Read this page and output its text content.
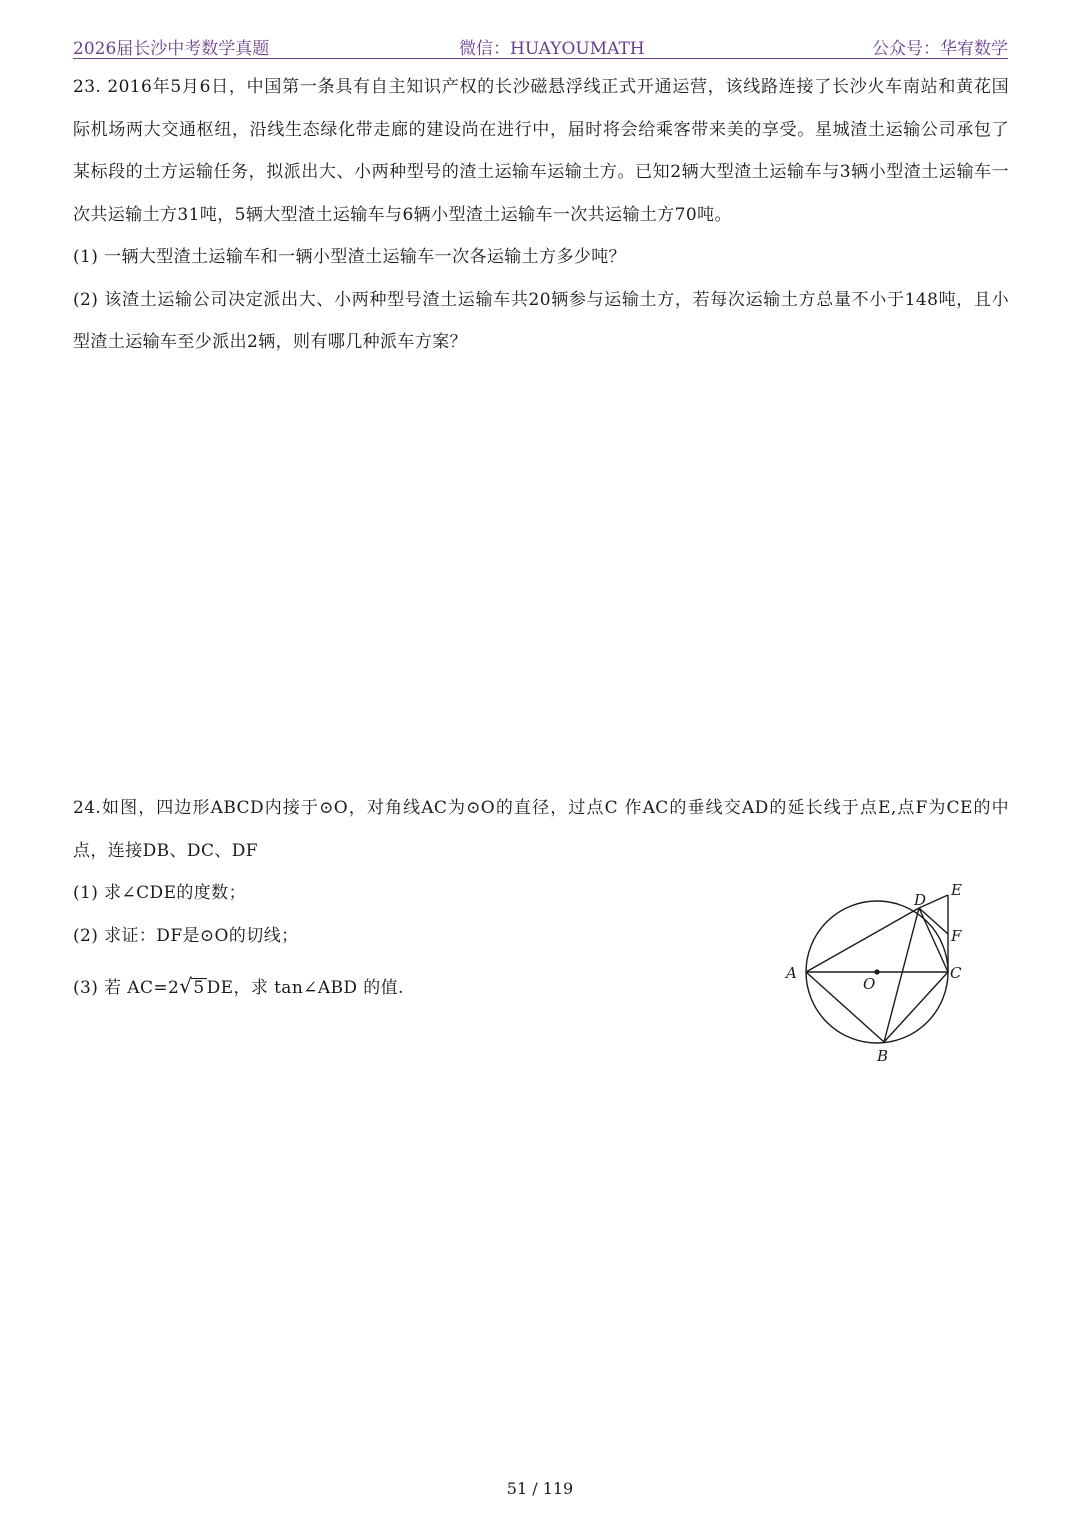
2026届长沙中考数学真题	微信：HUAYOUMATH	公众号：华宥数学

23. 2016年5月6日，中国第一条具有自主知识产权的长沙磁悬浮线正式开通运营，该线路连接了长沙火车南站和黄花国际机场两大交通枢纽，沿线生态绿化带走廊的建设尚在进行中，届时将会给乘客带来美的享受。星城渣土运输公司承包了某标段的土方运输任务，拟派出大、小两种型号的渣土运输车运输土方。已知2辆大型渣土运输车与3辆小型渣土运输车一次共运输土方31吨，5辆大型渣土运输车与6辆小型渣土运输车一次共运输土方70吨。

(1) 一辆大型渣土运输车和一辆小型渣土运输车一次各运输土方多少吨？

(2) 该渣土运输公司决定派出大、小两种型号渣土运输车共20辆参与运输土方，若每次运输土方总量不小于148吨，且小型渣土运输车至少派出2辆，则有哪几种派车方案？

24.如图，四边形ABCD内接于⊙O，对角线AC为⊙O的直径，过点C 作AC的垂线交AD的延长线于点E,点F为CE的中点，连接DB、DC、DF

(1) 求∠CDE的度数；

(2) 求证：DF是⊙O的切线；

(3) 若 AC=2√5 DE，求 tan∠ABD 的值.

A	C
O
D
E
F
B
51 / 119
